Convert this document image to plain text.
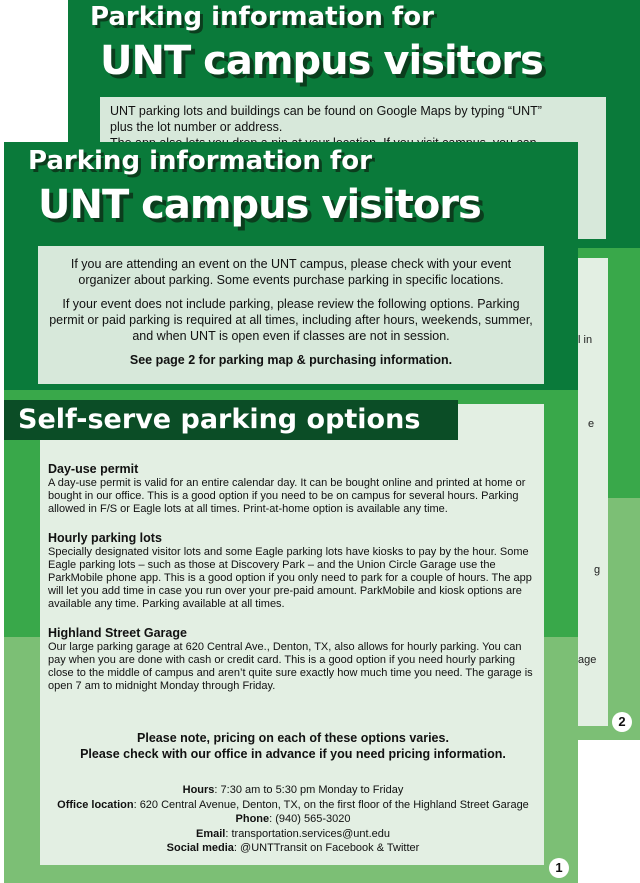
Parking information for
UNT campus visitors
UNT parking lots and buildings can be found on Google Maps by typing “UNT”
plus the lot number or address.
l in
e
g
age
2
Parking information for
UNT campus visitors

If you are attending an event on the UNT campus, please check with your event organizer about parking. Some events purchase parking in specific locations.

If your event does not include parking, please review the following options. Parking permit or paid parking is required at all times, including after hours, weekends, summer, and when UNT is open even if classes are not in session.

See page 2 for parking map & purchasing information.

Self-serve parking options
Day-use permit

A day-use permit is valid for an entire calendar day. It can be bought online and printed at home or bought in our office. This is a good option if you need to be on campus for several hours. Parking allowed in F/S or Eagle lots at all times. Print-at-home option is available any time.

Hourly parking lots

Specially designated visitor lots and some Eagle parking lots have kiosks to pay by the hour. Some Eagle parking lots – such as those at Discovery Park – and the Union Circle Garage use the ParkMobile phone app. This is a good option if you only need to park for a couple of hours. The app will let you add time in case you run over your pre-paid amount. ParkMobile and kiosk options are available any time. Parking available at all times.

Highland Street Garage

Our large parking garage at 620 Central Ave., Denton, TX, also allows for hourly parking. You can pay when you are done with cash or credit card. This is a good option if you need hourly parking close to the middle of campus and aren’t quite sure exactly how much time you need. The garage is open 7 am to midnight Monday through Friday.

Please note, pricing on each of these options varies.
Please check with our office in advance if you need pricing information.
Hours: 7:30 am to 5:30 pm Monday to Friday
Office location: 620 Central Avenue, Denton, TX, on the first floor of the Highland Street Garage
Phone: (940) 565-3020
Email: transportation.services@unt.edu
Social media: @UNTTransit on Facebook & Twitter
1
